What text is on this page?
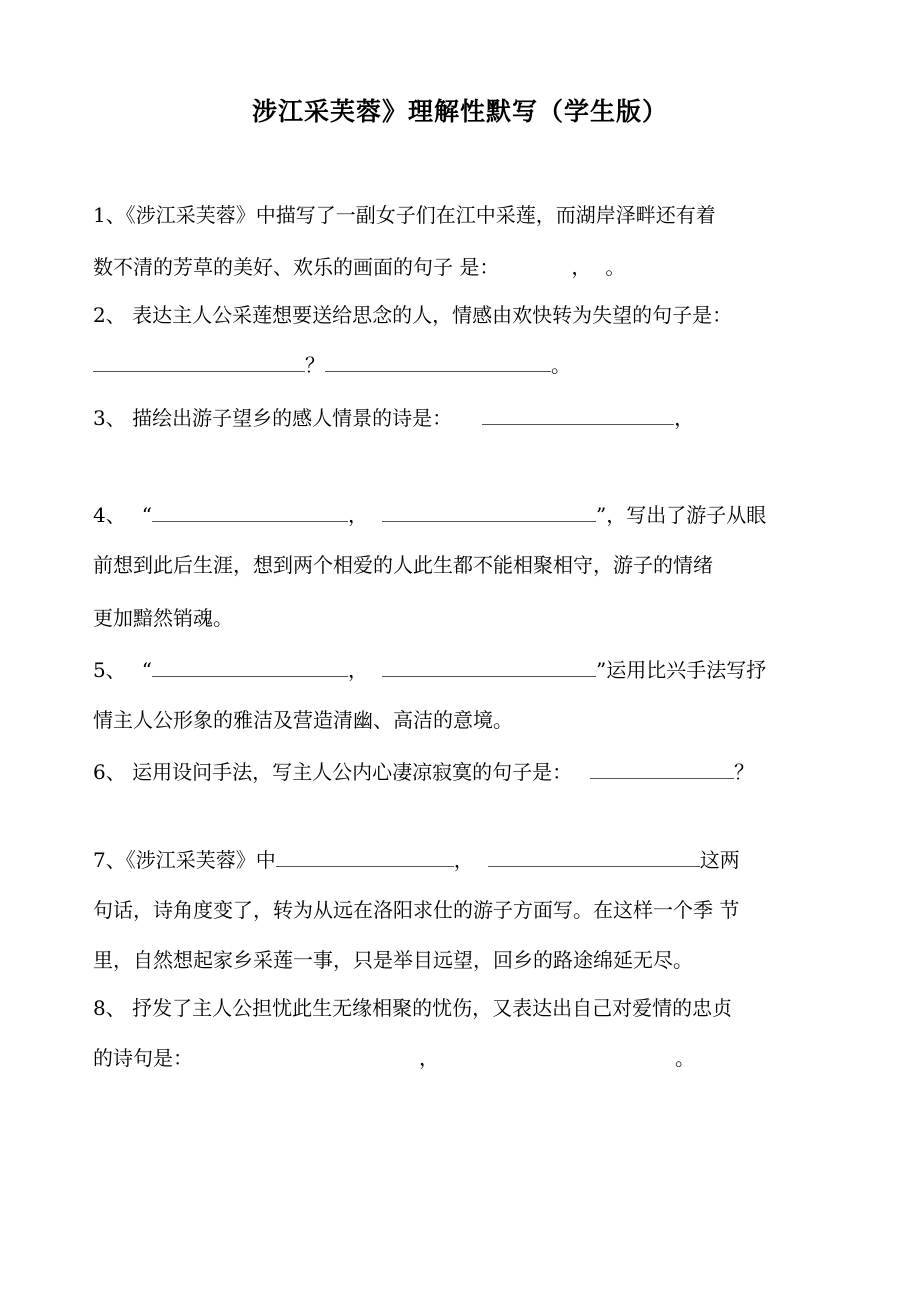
涉江采芙蓉》理解性默写（学生版）
1、《涉江采芙蓉》中描写了一副女子们在江中采莲，而湖岸泽畔还有着
数不清的芳草的美好、欢乐的画面的句子 是：	， 。
2、 表达主人公采莲想要送给思念的人，情感由欢快转为失望的句子是：
？	。
3、 描绘出游子望乡的感人情景的诗是：	，
4、 “	，	”，写出了游子从眼
前想到此后生涯，想到两个相爱的人此生都不能相聚相守，游子的情绪
更加黯然销魂。
5、 “	，	”运用比兴手法写抒
情主人公形象的雅洁及营造清幽、高洁的意境。
6、 运用设问手法，写主人公内心凄凉寂寞的句子是：	？
7、《涉江采芙蓉》中	，	这两
句话，诗角度变了，转为从远在洛阳求仕的游子方面写。在这样一个季 节
里，自然想起家乡采莲一事，只是举目远望，回乡的路途绵延无尽。
8、 抒发了主人公担忧此生无缘相聚的忧伤，又表达出自己对爱情的忠贞
的诗句是：	，	。
